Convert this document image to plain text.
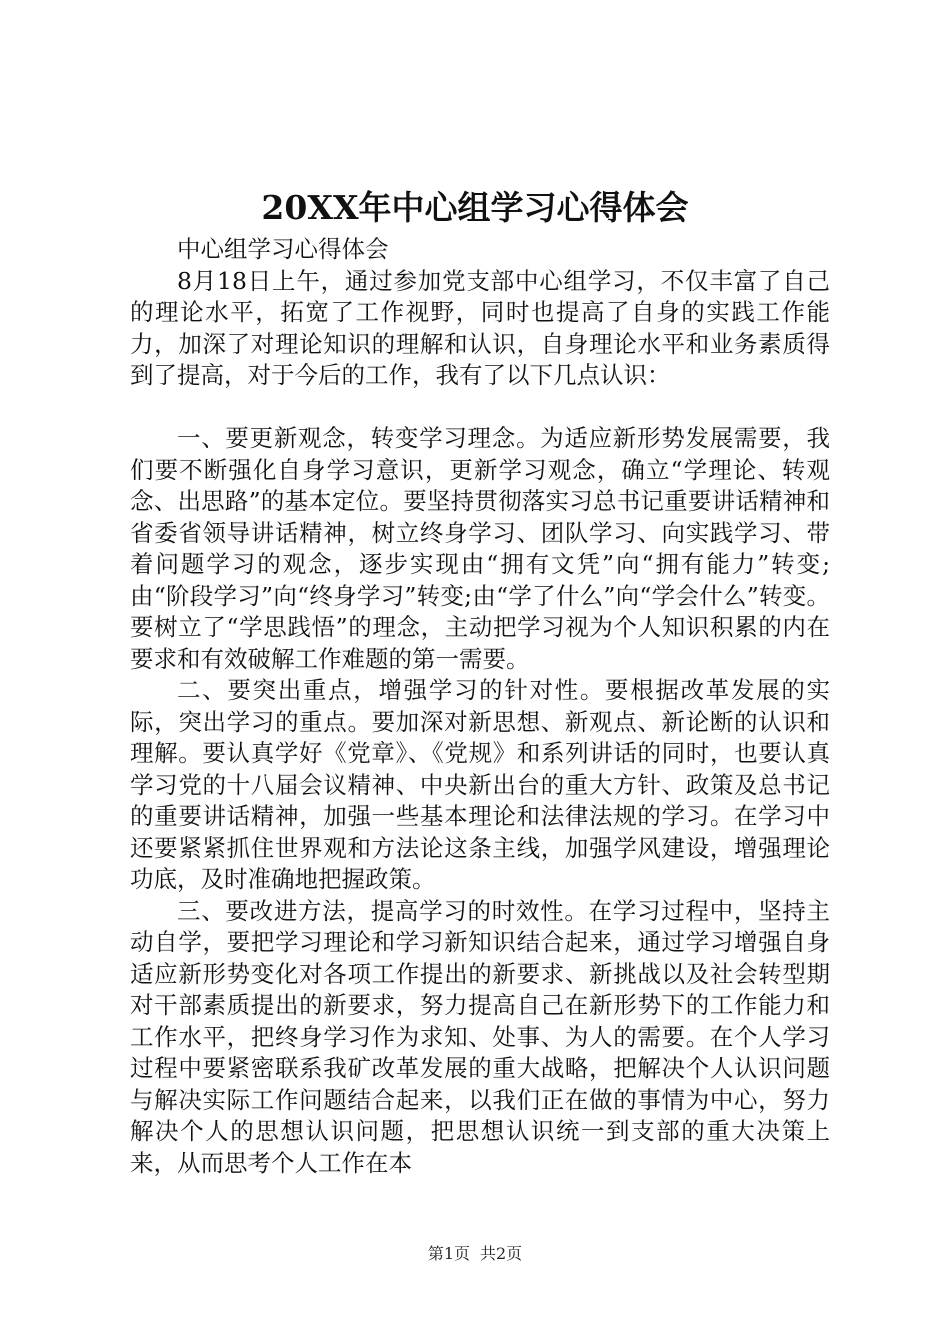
20XX年中心组学习心得体会

中心组学习心得体会

8月18日上午，通过参加党支部中心组学习，不仅丰富了自己的理论水平，拓宽了工作视野，同时也提高了自身的实践工作能力，加深了对理论知识的理解和认识，自身理论水平和业务素质得到了提高，对于今后的工作，我有了以下几点认识：

一、要更新观念，转变学习理念。为适应新形势发展需要，我们要不断强化自身学习意识，更新学习观念，确立“学理论、转观念、出思路”的基本定位。要坚持贯彻落实习总书记重要讲话精神和省委省领导讲话精神，树立终身学习、团队学习、向实践学习、带着问题学习的观念，逐步实现由“拥有文凭”向“拥有能力”转变;由“阶段学习”向“终身学习”转变;由“学了什么”向“学会什么”转变。要树立了“学思践悟”的理念，主动把学习视为个人知识积累的内在要求和有效破解工作难题的第一需要。

二、要突出重点，增强学习的针对性。要根据改革发展的实际，突出学习的重点。要加深对新思想、新观点、新论断的认识和理解。要认真学好《党章》、《党规》和系列讲话的同时，也要认真学习党的十八届会议精神、中央新出台的重大方针、政策及总书记的重要讲话精神，加强一些基本理论和法律法规的学习。在学习中还要紧紧抓住世界观和方法论这条主线，加强学风建设，增强理论功底，及时准确地把握政策。

三、要改进方法，提高学习的时效性。在学习过程中，坚持主动自学，要把学习理论和学习新知识结合起来，通过学习增强自身适应新形势变化对各项工作提出的新要求、新挑战以及社会转型期对干部素质提出的新要求，努力提高自己在新形势下的工作能力和工作水平，把终身学习作为求知、处事、为人的需要。在个人学习过程中要紧密联系我矿改革发展的重大战略，把解决个人认识问题与解决实际工作问题结合起来，以我们正在做的事情为中心，努力解决个人的思想认识问题，把思想认识统一到支部的重大决策上来，从而思考个人工作在本

第1页 共2页
